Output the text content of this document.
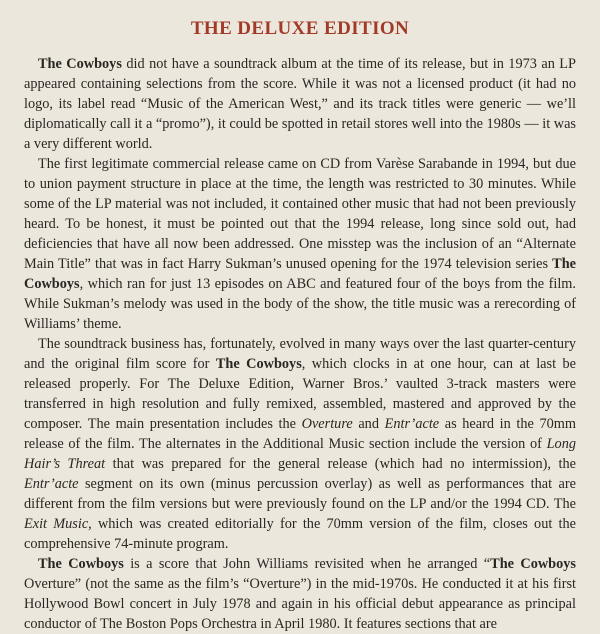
THE DELUXE EDITION

The Cowboys did not have a soundtrack album at the time of its release, but in 1973 an LP appeared containing selections from the score. While it was not a licensed product (it had no logo, its label read “Music of the American West,” and its track titles were generic — we’ll diplomatically call it a “promo”), it could be spotted in retail stores well into the 1980s — it was a very different world.

The first legitimate commercial release came on CD from Varèse Sarabande in 1994, but due to union payment structure in place at the time, the length was restricted to 30 minutes. While some of the LP material was not included, it contained other music that had not been previously heard. To be honest, it must be pointed out that the 1994 release, long since sold out, had deficiencies that have all now been addressed. One misstep was the inclusion of an “Alternate Main Title” that was in fact Harry Sukman’s unused opening for the 1974 television series The Cowboys, which ran for just 13 episodes on ABC and featured four of the boys from the film. While Sukman’s melody was used in the body of the show, the title music was a rerecording of Williams’ theme.

The soundtrack business has, fortunately, evolved in many ways over the last quarter-century and the original film score for The Cowboys, which clocks in at one hour, can at last be released properly. For The Deluxe Edition, Warner Bros.’ vaulted 3-track masters were transferred in high resolution and fully remixed, assembled, mastered and approved by the composer. The main presentation includes the Overture and Entr’acte as heard in the 70mm release of the film. The alternates in the Additional Music section include the version of Long Hair’s Threat that was prepared for the general release (which had no intermission), the Entr’acte segment on its own (minus percussion overlay) as well as performances that are different from the film versions but were previously found on the LP and/or the 1994 CD. The Exit Music, which was created editorially for the 70mm version of the film, closes out the comprehensive 74-minute program.

The Cowboys is a score that John Williams revisited when he arranged “The Cowboys Overture” (not the same as the film’s “Overture”) in the mid-1970s. He conducted it at his first Hollywood Bowl concert in July 1978 and again in his official debut appearance as principal conductor of The Boston Pops Orchestra in April 1980. It features sections that are
